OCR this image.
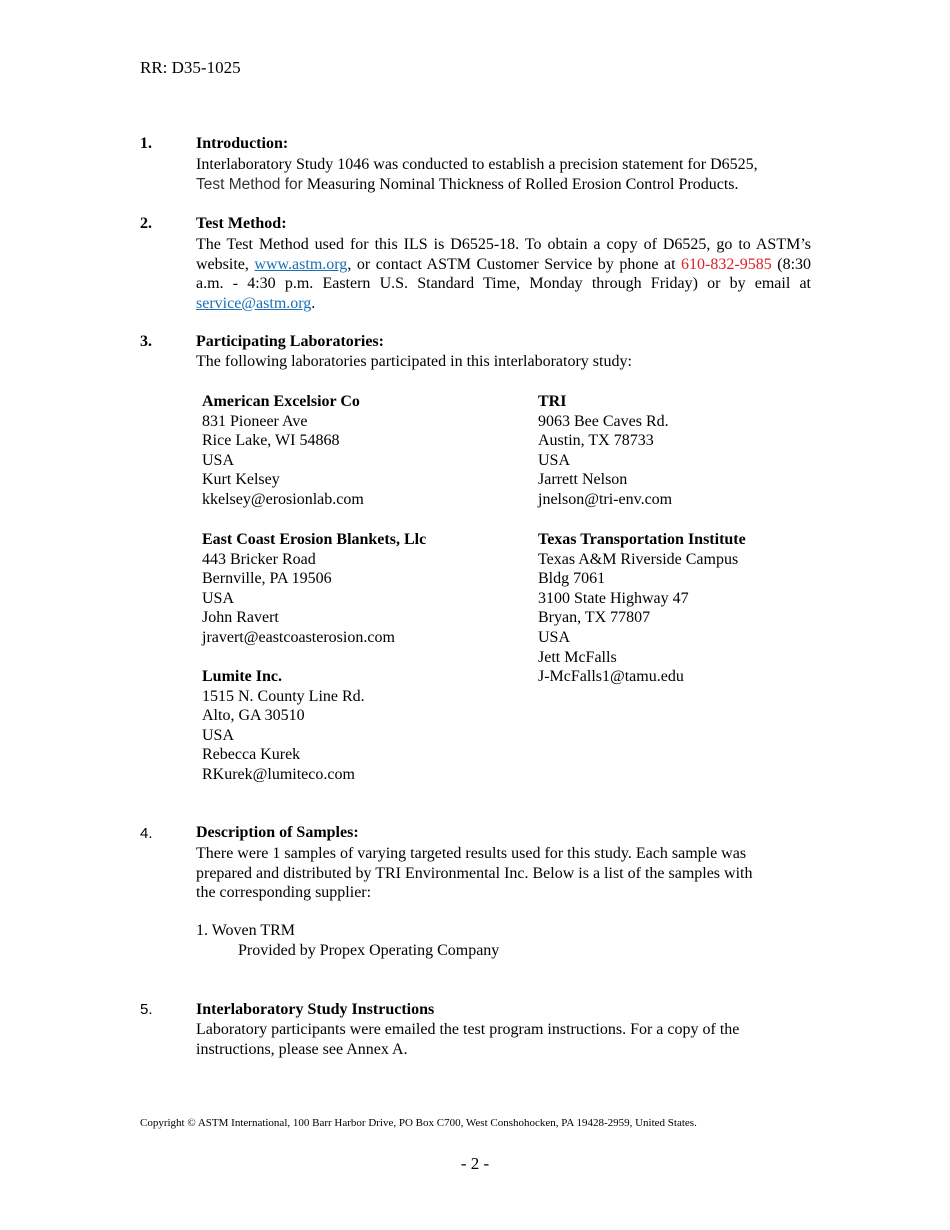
RR: D35-1025
1.	Introduction:
Interlaboratory Study 1046 was conducted to establish a precision statement for D6525,
Test Method for Measuring Nominal Thickness of Rolled Erosion Control Products.
2.	Test Method:
The Test Method used for this ILS is D6525-18. To obtain a copy of D6525, go to ASTM’s website, www.astm.org, or contact ASTM Customer Service by phone at 610-832-9585 (8:30 a.m. - 4:30 p.m. Eastern U.S. Standard Time, Monday through Friday) or by email at service@astm.org.
3.	Participating Laboratories:
The following laboratories participated in this interlaboratory study:
American Excelsior Co
831 Pioneer Ave
Rice Lake, WI 54868
USA
Kurt Kelsey
kkelsey@erosionlab.com
East Coast Erosion Blankets, Llc
443 Bricker Road
Bernville, PA 19506
USA
John Ravert
jravert@eastcoasterosion.com
Lumite Inc.
1515 N. County Line Rd.
Alto, GA 30510
USA
Rebecca Kurek
RKurek@lumiteco.com
TRI
9063 Bee Caves Rd.
Austin, TX 78733
USA
Jarrett Nelson
jnelson@tri-env.com
Texas Transportation Institute
Texas A&M Riverside Campus
Bldg 7061
3100 State Highway 47
Bryan, TX 77807
USA
Jett McFalls
J-McFalls1@tamu.edu
4.	Description of Samples:
There were 1 samples of varying targeted results used for this study. Each sample was
prepared and distributed by TRI Environmental Inc. Below is a list of the samples with
the corresponding supplier:
1. Woven TRM
Provided by Propex Operating Company
5.	Interlaboratory Study Instructions
Laboratory participants were emailed the test program instructions. For a copy of the
instructions, please see Annex A.
Copyright © ASTM International, 100 Barr Harbor Drive, PO Box C700, West Conshohocken, PA 19428-2959, United States.
- 2 -
